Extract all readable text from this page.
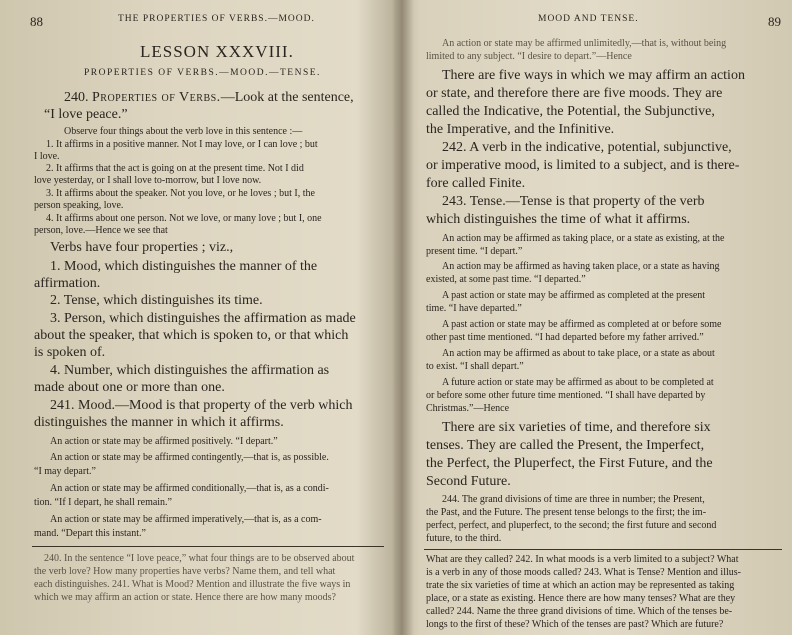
88	THE PROPERTIES OF VERBS.—MOOD.
LESSON XXXVIII.
PROPERTIES OF VERBS.—MOOD.—TENSE.
240. Properties of Verbs.—Look at the sentence,
“I love peace.”
Observe four things about the verb love in this sentence :—
1. It affirms in a positive manner. Not I may love, or I can love ; but
I love.
2. It affirms that the act is going on at the present time. Not I did
love yesterday, or I shall love to-morrow, but I love now.
3. It affirms about the speaker. Not you love, or he loves ; but I, the
person speaking, love.
4. It affirms about one person. Not we love, or many love ; but I, one
person, love.—Hence we see that
Verbs have four properties ; viz.,
1. Mood, which distinguishes the manner of the
affirmation.
2. Tense, which distinguishes its time.
3. Person, which distinguishes the affirmation as made
about the speaker, that which is spoken to, or that which
is spoken of.
4. Number, which distinguishes the affirmation as
made about one or more than one.
241. Mood.—Mood is that property of the verb which
distinguishes the manner in which it affirms.
An action or state may be affirmed positively. “I depart.”
An action or state may be affirmed contingently,—that is, as possible.
“I may depart.”
An action or state may be affirmed conditionally,—that is, as a condi-
tion. “If I depart, he shall remain.”
An action or state may be affirmed imperatively,—that is, as a com-
mand. “Depart this instant.”
240. In the sentence “I love peace,” what four things are to be observed about
the verb love? How many properties have verbs? Name them, and tell what
each distinguishes. 241. What is Mood? Mention and illustrate the five ways in
which we may affirm an action or state. Hence there are how many moods?
MOOD AND TENSE.	89
An action or state may be affirmed unlimitedly,—that is, without being
limited to any subject. “I desire to depart.”—Hence
There are five ways in which we may affirm an action
or state, and therefore there are five moods. They are
called the Indicative, the Potential, the Subjunctive,
the Imperative, and the Infinitive.
242. A verb in the indicative, potential, subjunctive,
or imperative mood, is limited to a subject, and is there-
fore called Finite.
243. Tense.—Tense is that property of the verb
which distinguishes the time of what it affirms.
An action may be affirmed as taking place, or a state as existing, at the
present time. “I depart.”
An action may be affirmed as having taken place, or a state as having
existed, at some past time. “I departed.”
A past action or state may be affirmed as completed at the present
time. “I have departed.”
A past action or state may be affirmed as completed at or before some
other past time mentioned. “I had departed before my father arrived.”
An action may be affirmed as about to take place, or a state as about
to exist. “I shall depart.”
A future action or state may be affirmed as about to be completed at
or before some other future time mentioned. “I shall have departed by
Christmas.”—Hence
There are six varieties of time, and therefore six
tenses. They are called the Present, the Imperfect,
the Perfect, the Pluperfect, the First Future, and the
Second Future.
244. The grand divisions of time are three in number; the Present,
the Past, and the Future. The present tense belongs to the first; the im-
perfect, perfect, and pluperfect, to the second; the first future and second
future, to the third.
What are they called? 242. In what moods is a verb limited to a subject? What
is a verb in any of those moods called? 243. What is Tense? Mention and illus-
trate the six varieties of time at which an action may be represented as taking
place, or a state as existing. Hence there are how many tenses? What are they
called? 244. Name the three grand divisions of time. Which of the tenses be-
longs to the first of these? Which of the tenses are past? Which are future?
